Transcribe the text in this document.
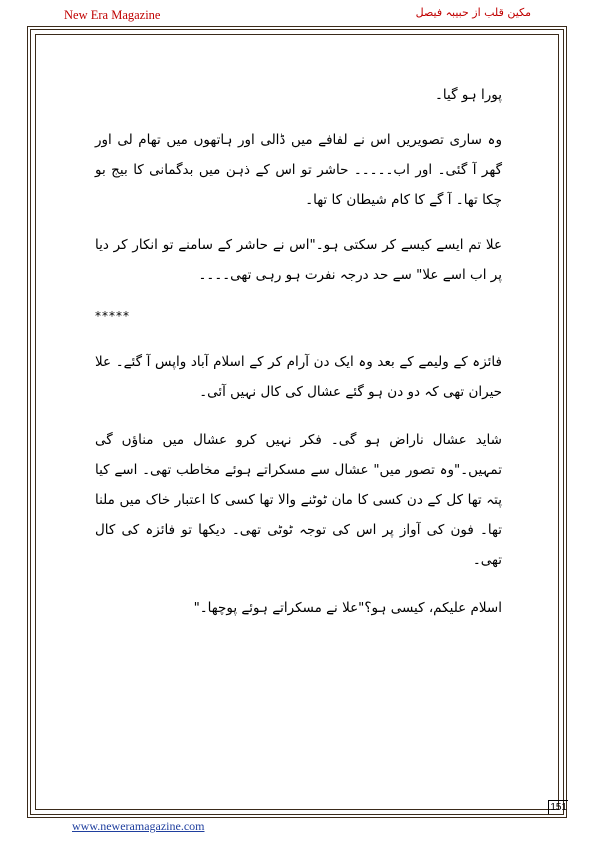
New Era Magazine	مکین قلب از حبیبہ فیصل

پورا ہو گیا۔

وہ ساری تصویریں اس نے لفافے میں ڈالی اور ہاتھوں میں تھام لی اور گھر آ گئی۔ اور اب۔۔۔۔۔ حاشر تو اس کے ذہن میں بدگمانی کا بیج بو چکا تھا۔ آ گے کا کام شیطان کا تھا۔

علا تم ایسے کیسے کر سکتی ہو۔"اس نے حاشر کے سامنے تو انکار کر دیا پر اب اسے علا" سے حد درجہ نفرت ہو رہی تھی۔۔۔۔

*****

فائزہ کے ولیمے کے بعد وہ ایک دن آرام کر کے اسلام آباد واپس آ گئے۔ علا حیران تھی کہ دو دن ہو گئے عشال کی کال نہیں آئی۔

شاید عشال ناراض ہو گی۔ فکر نہیں کرو عشال میں مناؤں گی تمہیں۔"وہ تصور میں" عشال سے مسکراتے ہوئے مخاطب تھی۔ اسے کیا پتہ تھا کل کے دن کسی کا مان ٹوٹنے والا تھا کسی کا اعتبار خاک میں ملنا تھا۔ فون کی آواز پر اس کی توجہ ٹوٹی تھی۔ دیکھا تو فائزہ کی کال تھی۔

اسلام علیکم، کیسی ہو؟"علا نے مسکراتے ہوئے پوچھا۔"

151
www.neweramagazine.com
